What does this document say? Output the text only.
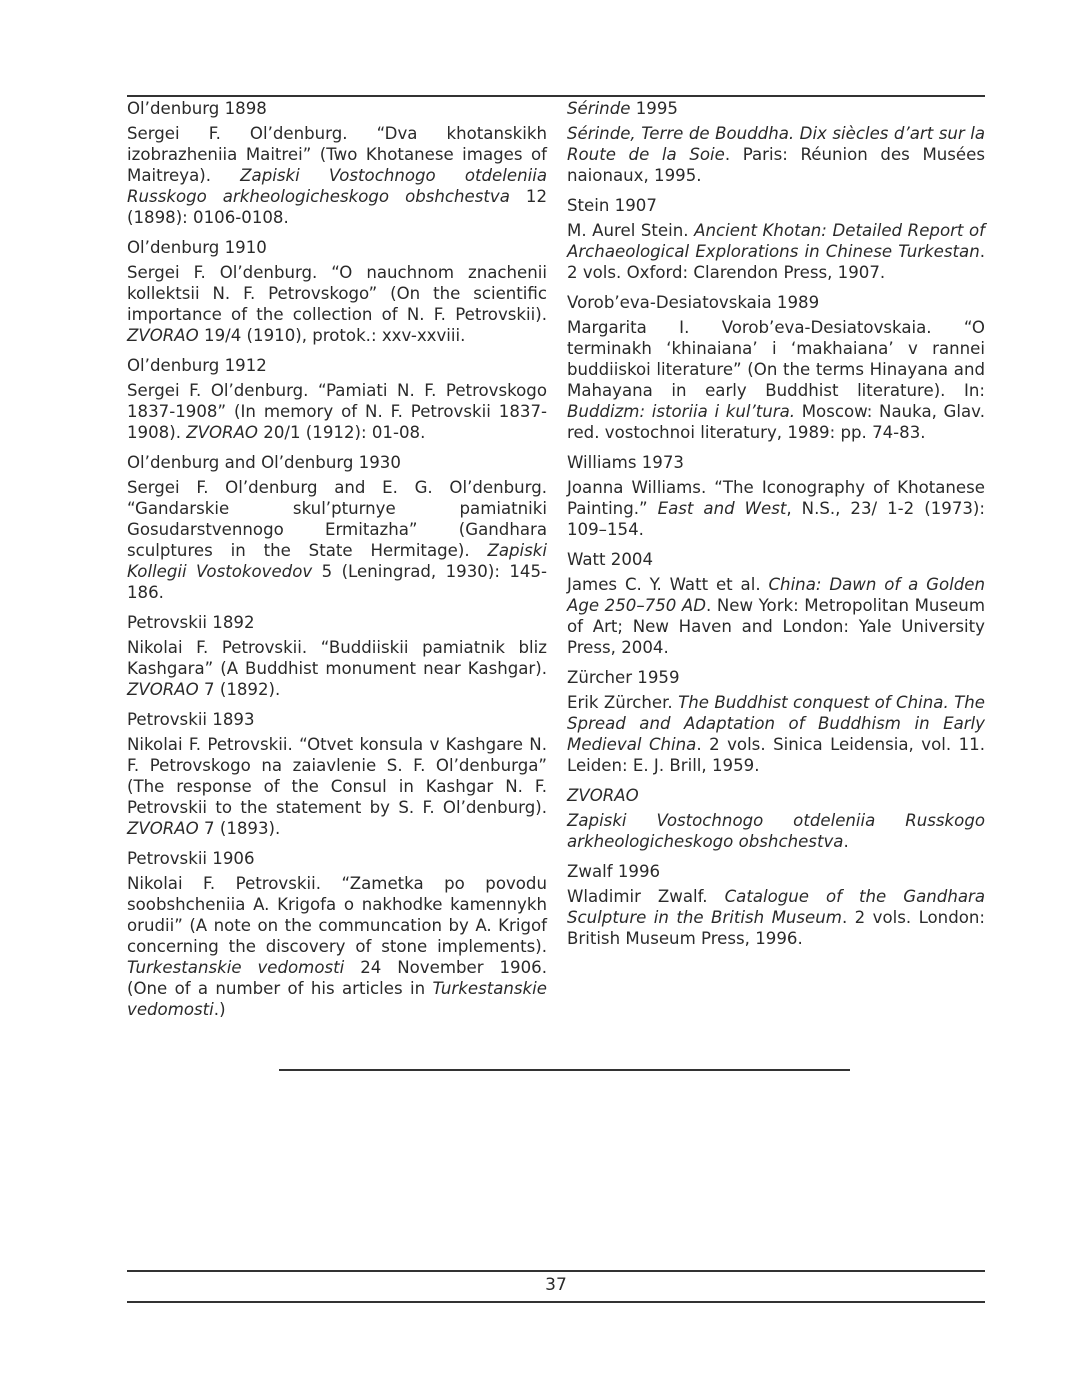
Ol’denburg 1898
Sergei F. Ol’denburg. “Dva khotanskikh izobrazheniia Maitrei” (Two Khotanese images of Maitreya). Zapiski Vostochnogo otdeleniia Russkogo arkheologicheskogo obshchestva 12 (1898): 0106-0108.
Ol’denburg 1910
Sergei F. Ol’denburg. “O nauchnom znachenii kollektsii N. F. Petrovskogo” (On the scientific importance of the collection of N. F. Petrovskii). ZVORAO 19/4 (1910), protok.: xxv-xxviii.
Ol’denburg 1912
Sergei F. Ol’denburg. “Pamiati N. F. Petrovskogo 1837-1908” (In memory of N. F. Petrovskii 1837-1908). ZVORAO 20/1 (1912): 01-08.
Ol’denburg and Ol’denburg 1930
Sergei F. Ol’denburg and E. G. Ol’denburg. “Gandarskie skul’pturnye pamiatniki Gosudarstvennogo Ermitazha” (Gandhara sculptures in the State Hermitage). Zapiski Kollegii Vostokovedov 5 (Leningrad, 1930): 145-186.
Petrovskii 1892
Nikolai F. Petrovskii. “Buddiiskii pamiatnik bliz Kashgara” (A Buddhist monument near Kashgar). ZVORAO 7 (1892).
Petrovskii 1893
Nikolai F. Petrovskii. “Otvet konsula v Kashgare N. F. Petrovskogo na zaiavlenie S. F. Ol’denburga” (The response of the Consul in Kashgar N. F. Petrovskii to the statement by S. F. Ol’denburg). ZVORAO 7 (1893).
Petrovskii 1906
Nikolai F. Petrovskii. “Zametka po povodu soobshcheniia A. Krigofa o nakhodke kamennykh orudii” (A note on the communcation by A. Krigof concerning the discovery of stone implements). Turkestanskie vedomosti 24 November 1906. (One of a number of his articles in Turkestanskie vedomosti.)
Sérinde 1995
Sérinde, Terre de Bouddha. Dix siècles d’art sur la Route de la Soie. Paris: Réunion des Musées naionaux, 1995.
Stein 1907
M. Aurel Stein. Ancient Khotan: Detailed Report of Archaeological Explorations in Chinese Turkestan. 2 vols. Oxford: Clarendon Press, 1907.
Vorob’eva-Desiatovskaia 1989
Margarita I. Vorob’eva-Desiatovskaia. “O terminakh ‘khinaiana’ i ‘makhaiana’ v rannei buddiiskoi literature” (On the terms Hinayana and Mahayana in early Buddhist literature). In: Buddizm: istoriia i kul’tura. Moscow: Nauka, Glav. red. vostochnoi literatury, 1989: pp. 74-83.
Williams 1973
Joanna Williams. “The Iconography of Khotanese Painting.” East and West, N.S., 23/ 1-2 (1973): 109–154.
Watt 2004
James C. Y. Watt et al. China: Dawn of a Golden Age 250–750 AD. New York: Metropolitan Museum of Art; New Haven and London: Yale University Press, 2004.
Zürcher 1959
Erik Zürcher. The Buddhist conquest of China. The Spread and Adaptation of Buddhism in Early Medieval China. 2 vols. Sinica Leidensia, vol. 11. Leiden: E. J. Brill, 1959.
ZVORAO
Zapiski Vostochnogo otdeleniia Russkogo arkheologicheskogo obshchestva.
Zwalf 1996
Wladimir Zwalf. Catalogue of the Gandhara Sculpture in the British Museum. 2 vols. London: British Museum Press, 1996.
37
